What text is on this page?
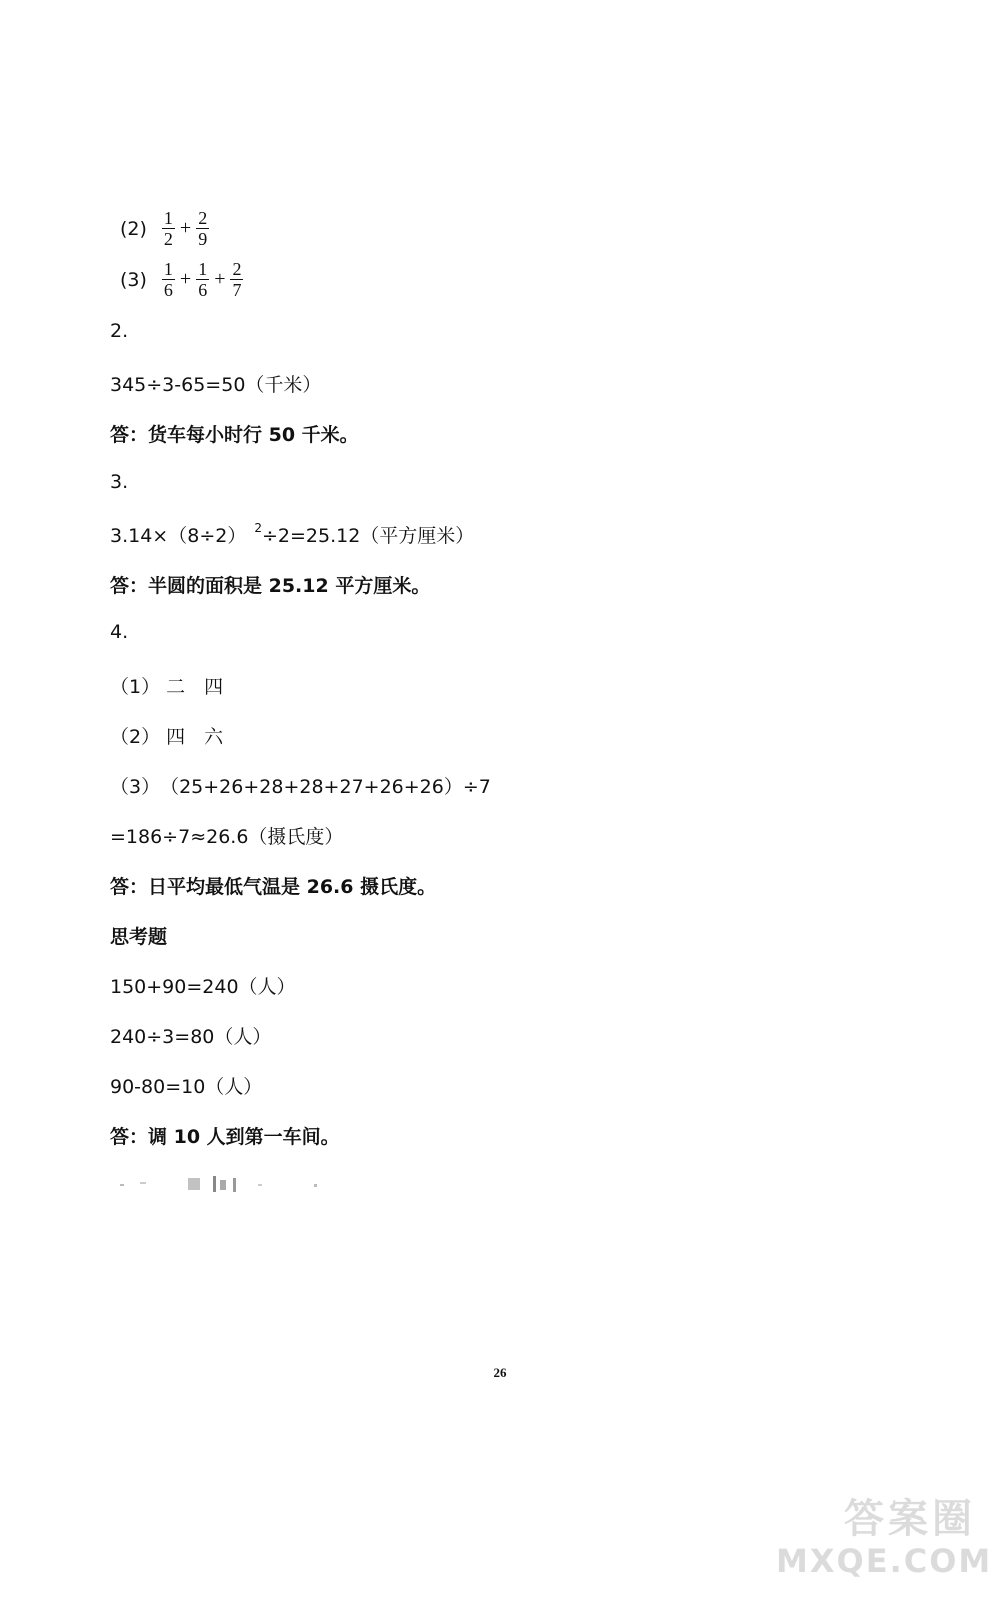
$(2) \frac{1}{2} + \frac{2}{9}$
$(3) \frac{1}{6} + \frac{1}{6} + \frac{2}{7}$
2.
345÷3-65=50（千米）
答：货车每小时行 50 千米。
3.
3.14×（8÷2） $^2$÷2=25.12（平方厘米）
答：半圆的面积是 25.12 平方厘米。
4.
（1） 二　四
（2） 四　六
（3）　（25+26+28+28+27+26+26）÷7
=186÷7≈26.6（摄氏度）
答：日平均最低气温是 26.6 摄氏度。
思考题
150+90=240（人）
240÷3=80（人）
90-80=10（人）
答：调 10 人到第一车间。
26
答案圈
MXQE.COM
